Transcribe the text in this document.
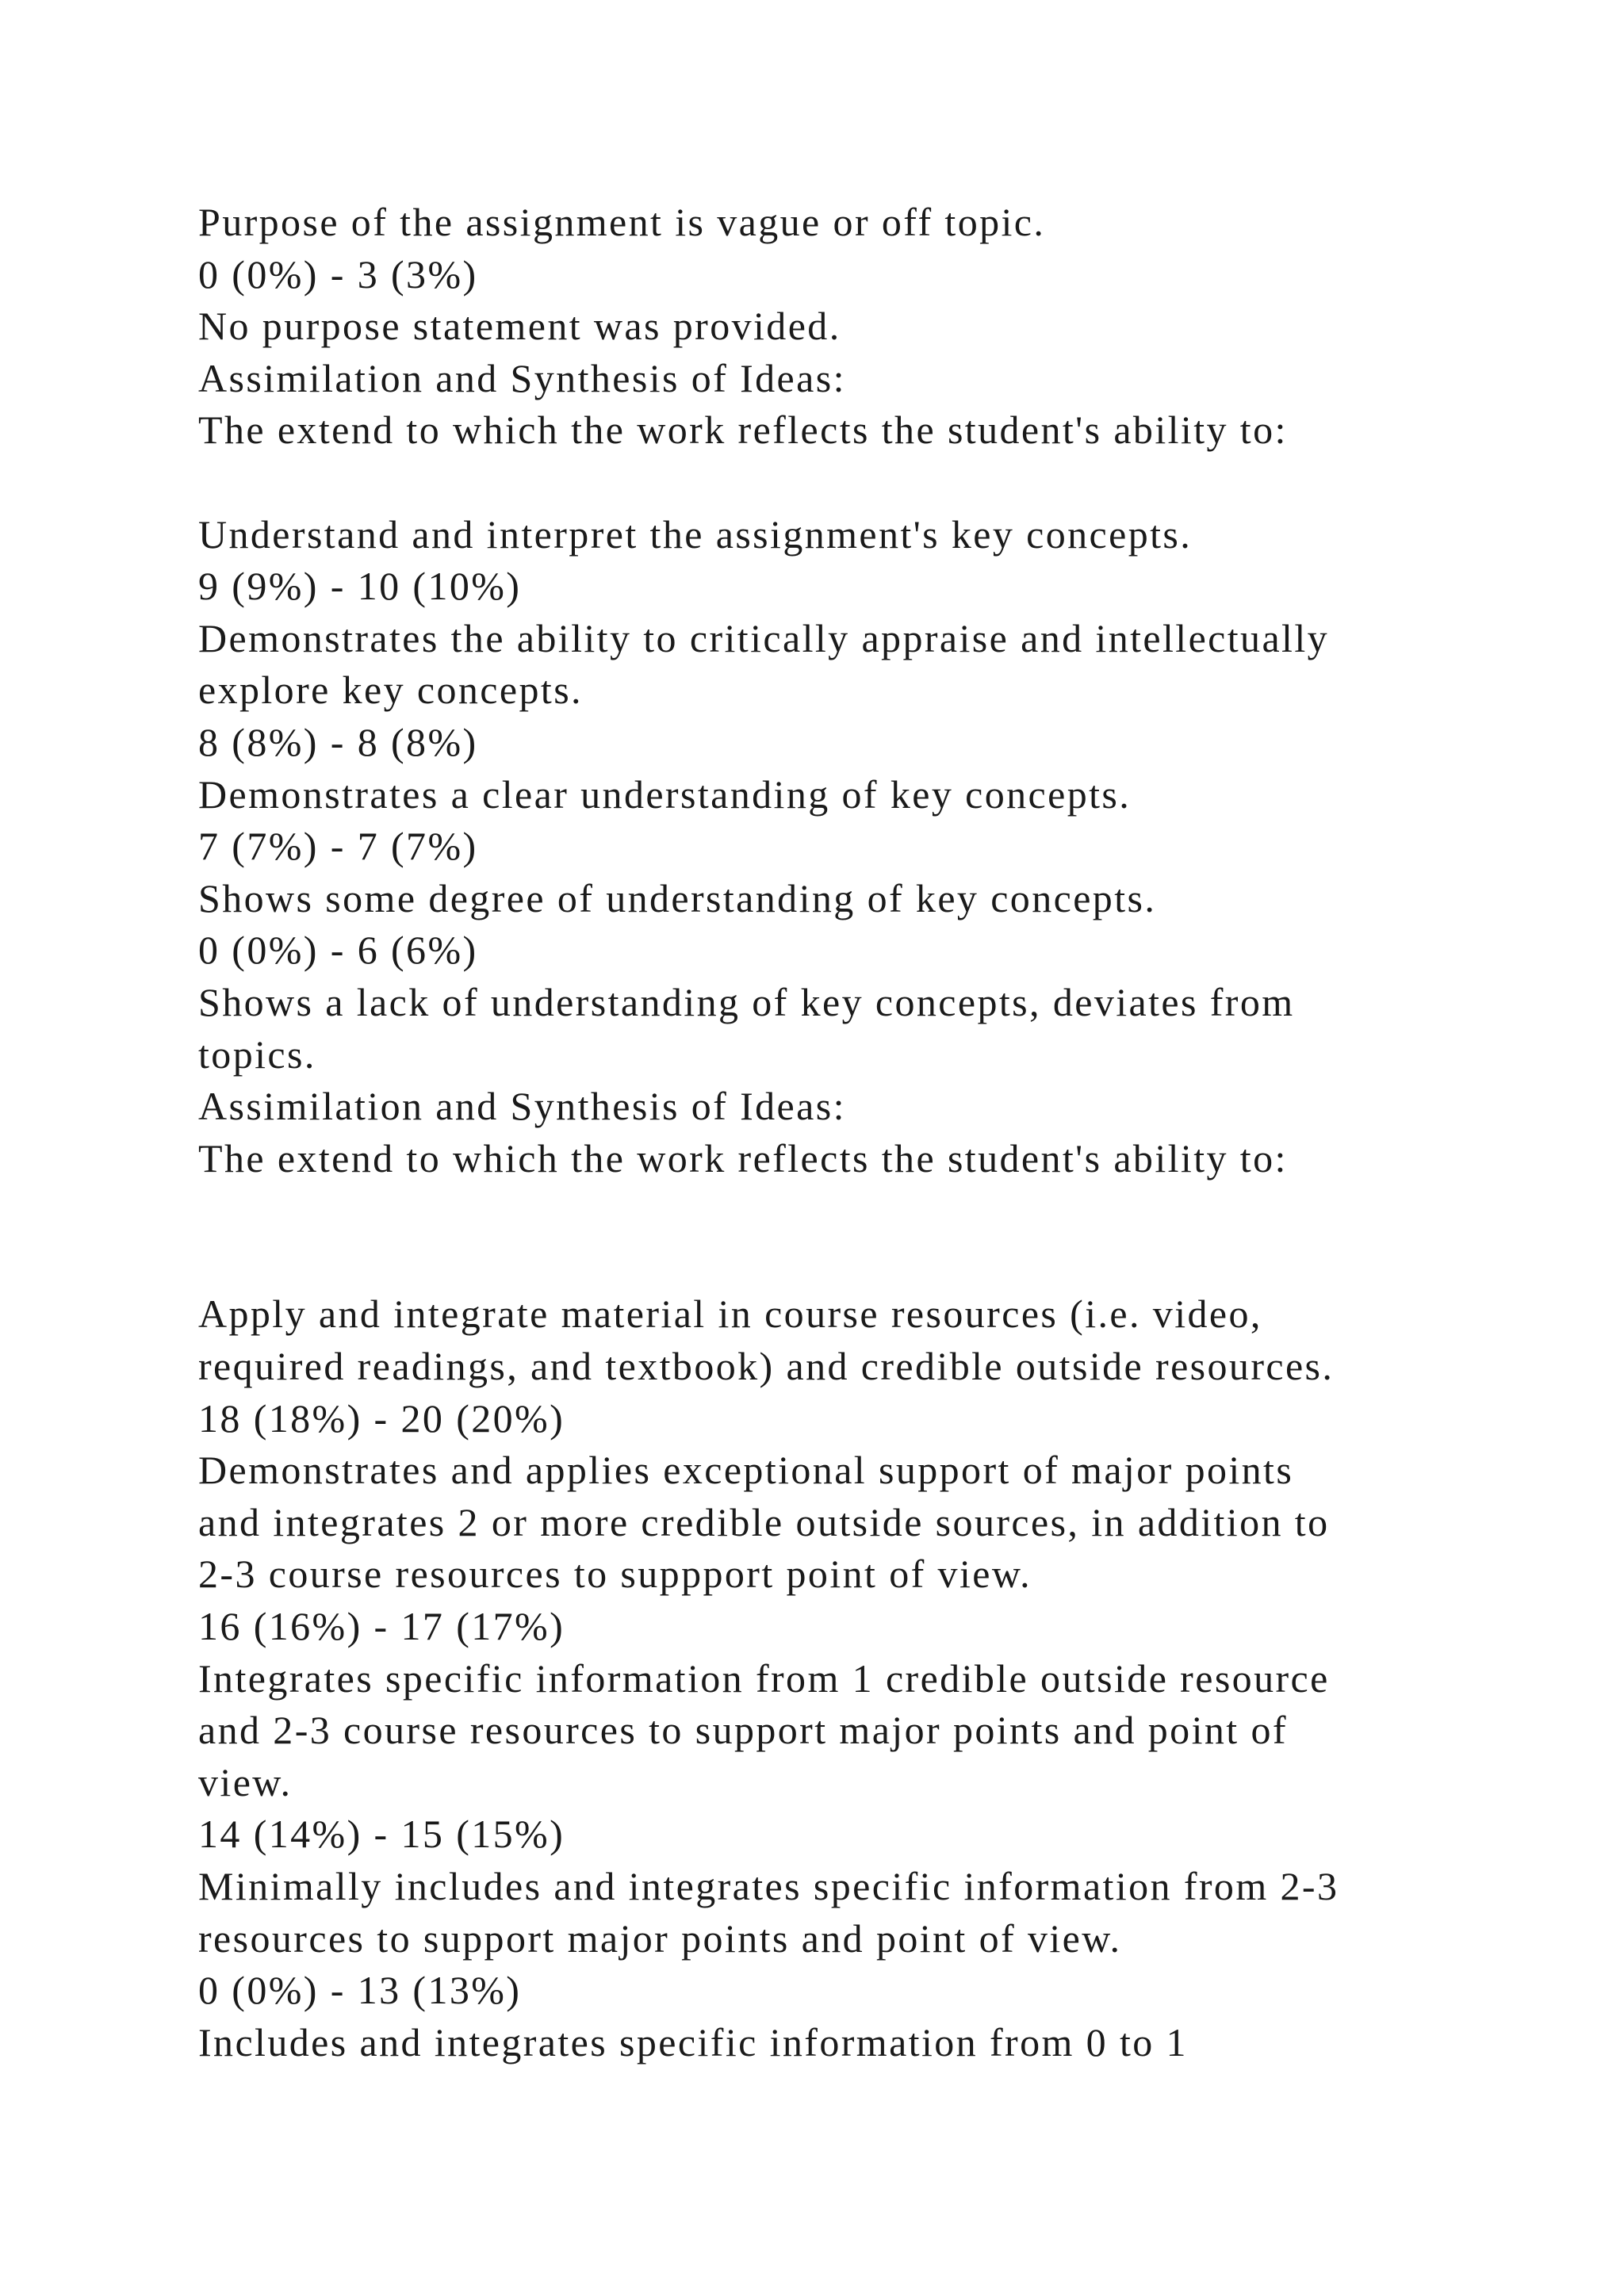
Purpose of the assignment is vague or off topic.
0 (0%) - 3 (3%)
No purpose statement was provided.
Assimilation and Synthesis of Ideas:
The extend to which the work reflects the student's ability to:
Understand and interpret the assignment's key concepts.
9 (9%) - 10 (10%)
Demonstrates the ability to critically appraise and intellectually
explore key concepts.
8 (8%) - 8 (8%)
Demonstrates a clear understanding of key concepts.
7 (7%) - 7 (7%)
Shows some degree of understanding of key concepts.
0 (0%) - 6 (6%)
Shows a lack of understanding of key concepts, deviates from
topics.
Assimilation and Synthesis of Ideas:
The extend to which the work reflects the student's ability to:
Apply and integrate material in course resources (i.e. video,
required readings, and textbook) and credible outside resources.
18 (18%) - 20 (20%)
Demonstrates and applies exceptional support of major points
and integrates 2 or more credible outside sources, in addition to
2-3 course resources to suppport point of view.
16 (16%) - 17 (17%)
Integrates specific information from 1 credible outside resource
and 2-3 course resources to support major points and point of
view.
14 (14%) - 15 (15%)
Minimally includes and integrates specific information from 2-3
resources to support major points and point of view.
0 (0%) - 13 (13%)
Includes and integrates specific information from 0 to 1
